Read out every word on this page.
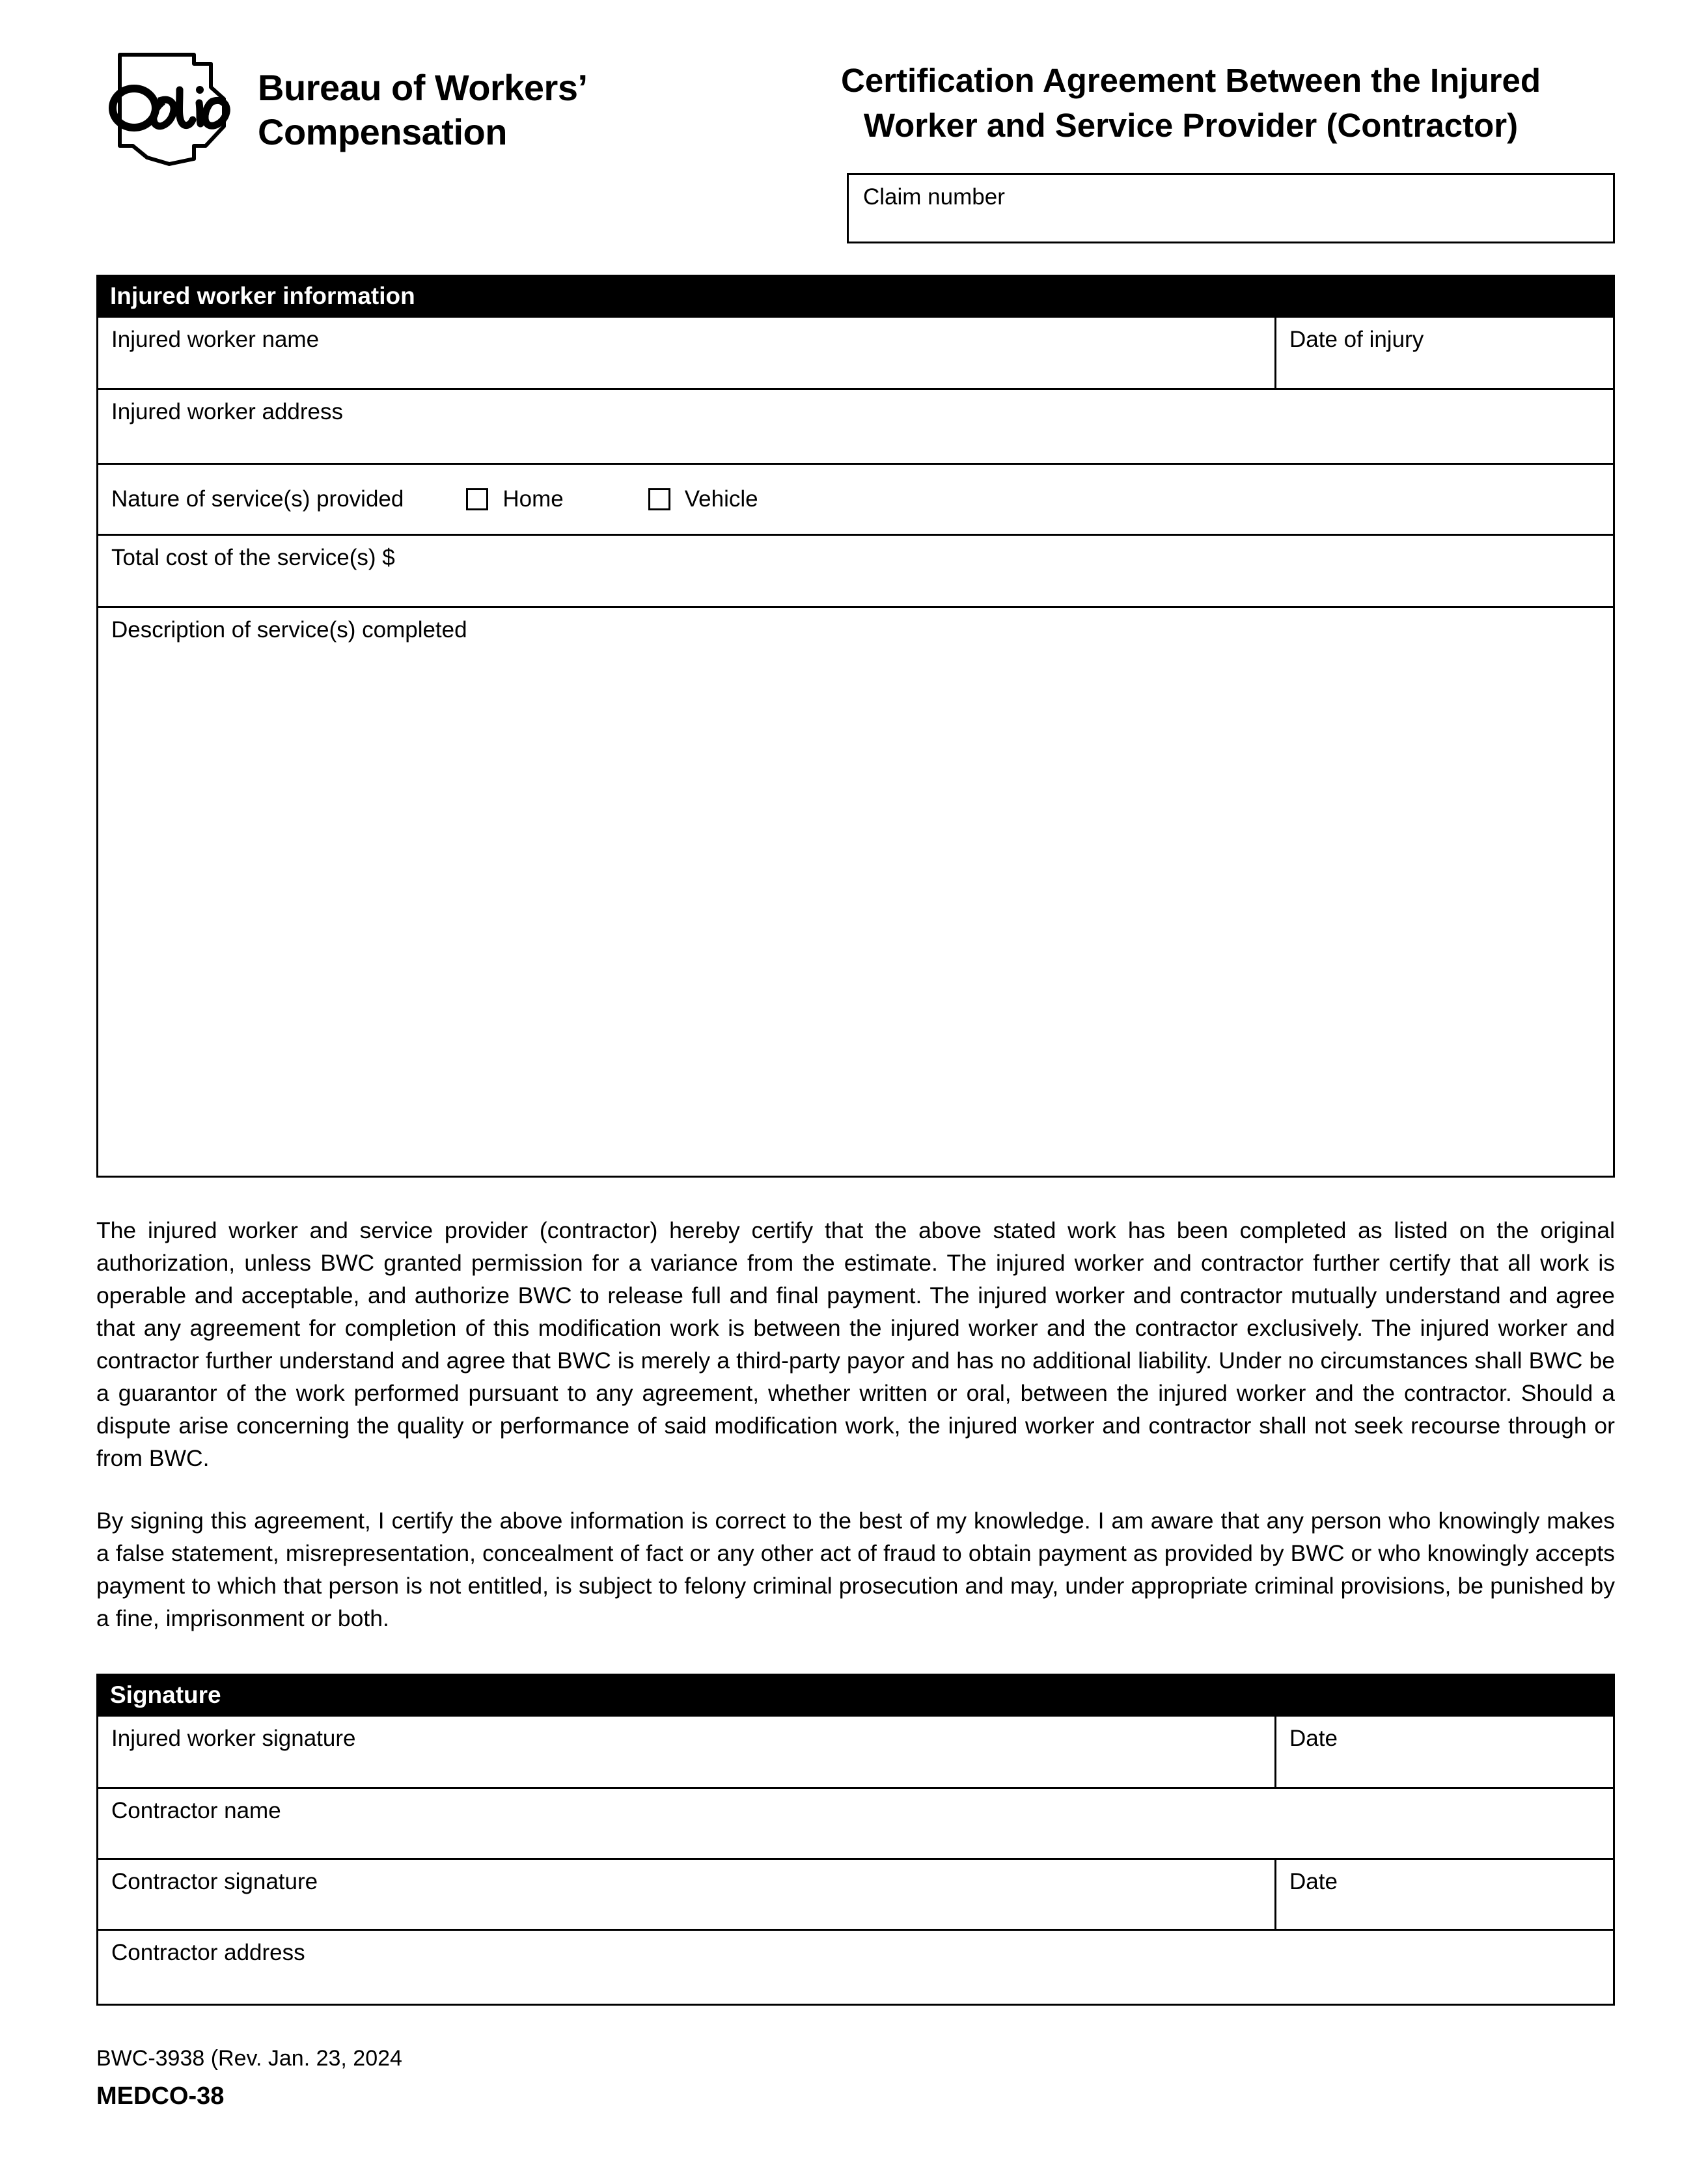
Bureau of Workers’
Compensation
Certification Agreement Between the Injured
Worker and Service Provider (Contractor)
Claim number
Injured worker information
Injured worker name	Date of injury
Injured worker address
Nature of service(s) provided	Home	Vehicle
Total cost of the service(s) $
Description of service(s) completed
The injured worker and service provider (contractor) hereby certify that the above stated work has been completed as listed on the original authorization, unless BWC granted permission for a variance from the estimate. The injured worker and contractor further certify that all work is operable and acceptable, and authorize BWC to release full and final payment. The injured worker and contractor mutually understand and agree that any agreement for completion of this modification work is between the injured worker and the contractor exclusively. The injured worker and contractor further understand and agree that BWC is merely a third-party payor and has no additional liability. Under no circumstances shall BWC be a guarantor of the work performed pursuant to any agreement, whether written or oral, between the injured worker and the contractor. Should a dispute arise concerning the quality or performance of said modification work, the injured worker and contractor shall not seek recourse through or from BWC.
By signing this agreement, I certify the above information is correct to the best of my knowledge. I am aware that any person who knowingly makes a false statement, misrepresentation, concealment of fact or any other act of fraud to obtain payment as provided by BWC or who knowingly accepts payment to which that person is not entitled, is subject to felony criminal prosecution and may, under appropriate criminal provisions, be punished by a fine, imprisonment or both.
Signature
Injured worker signature	Date
Contractor name
Contractor signature	Date
Contractor address
BWC-3938 (Rev. Jan. 23, 2024
MEDCO-38
